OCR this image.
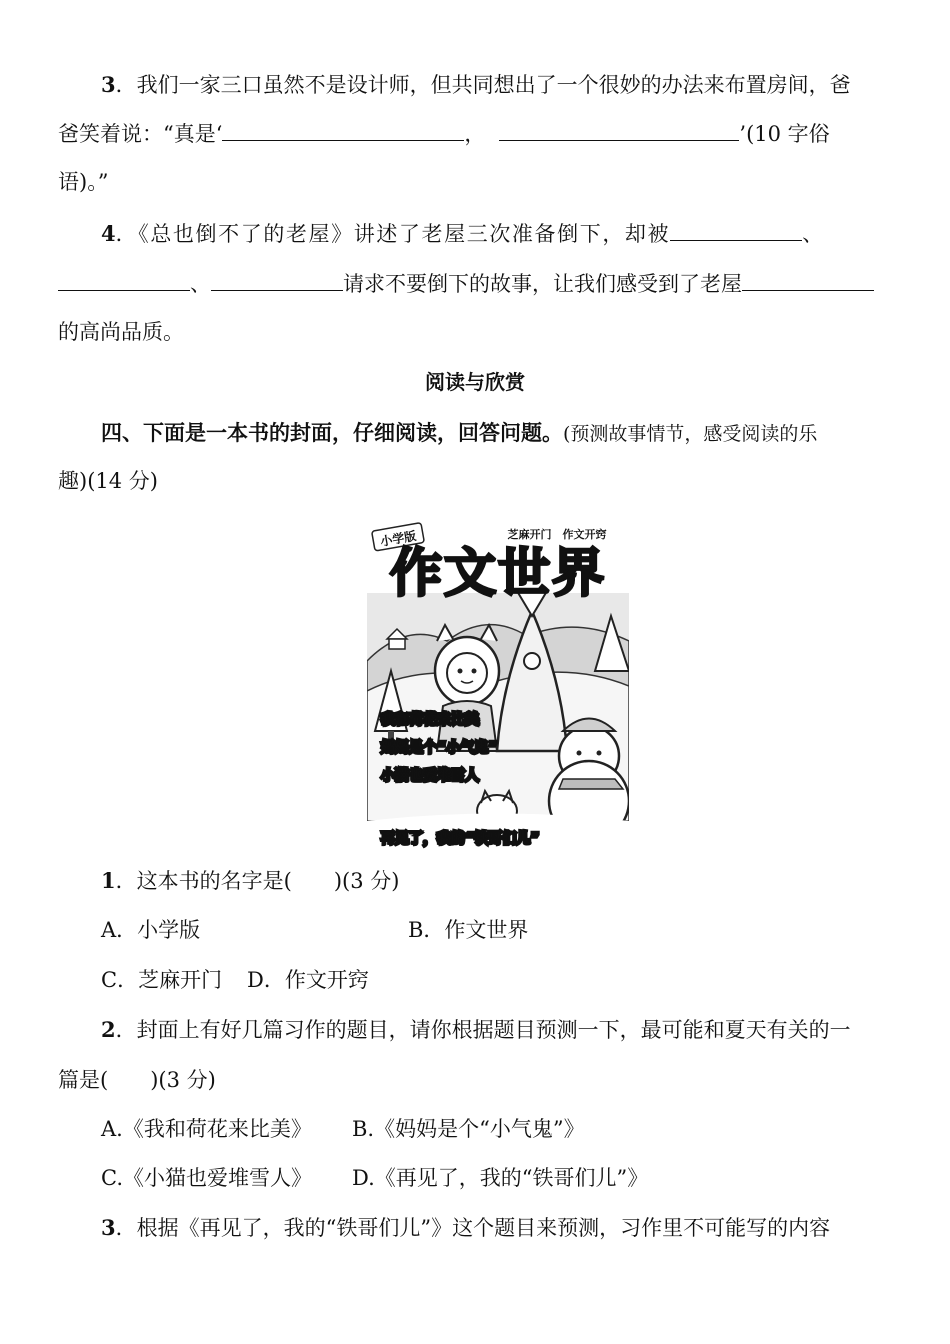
3．我们一家三口虽然不是设计师，但共同想出了一个很妙的办法来布置房间，爸
爸笑着说：“真是‘	，	’(10 字俗
语)。”
4．《总也倒不了的老屋》讲述了老屋三次准备倒下，却被	、
、	请求不要倒下的故事，让我们感受到了老屋
的高尚品质。
阅读与欣赏
四、下面是一本书的封面，仔细阅读，回答问题。(预测故事情节，感受阅读的乐
趣)(14 分)
小学版	芝麻开门　作文开窍
作文世界
我和荷花来比美
妈妈是个“小气鬼”
小猫也爱堆雪人
再见了，我的“铁哥们儿”
1．这本书的名字是(　　)(3 分)
A．小学版	B．作文世界
C．芝麻开门 D．作文开窍
2．封面上有好几篇习作的题目，请你根据题目预测一下，最可能和夏天有关的一
篇是(　　)(3 分)
A.《我和荷花来比美》 B.《妈妈是个“小气鬼”》
C.《小猫也爱堆雪人》 D.《再见了，我的“铁哥们儿”》
3．根据《再见了，我的“铁哥们儿”》这个题目来预测，习作里不可能写的内容
